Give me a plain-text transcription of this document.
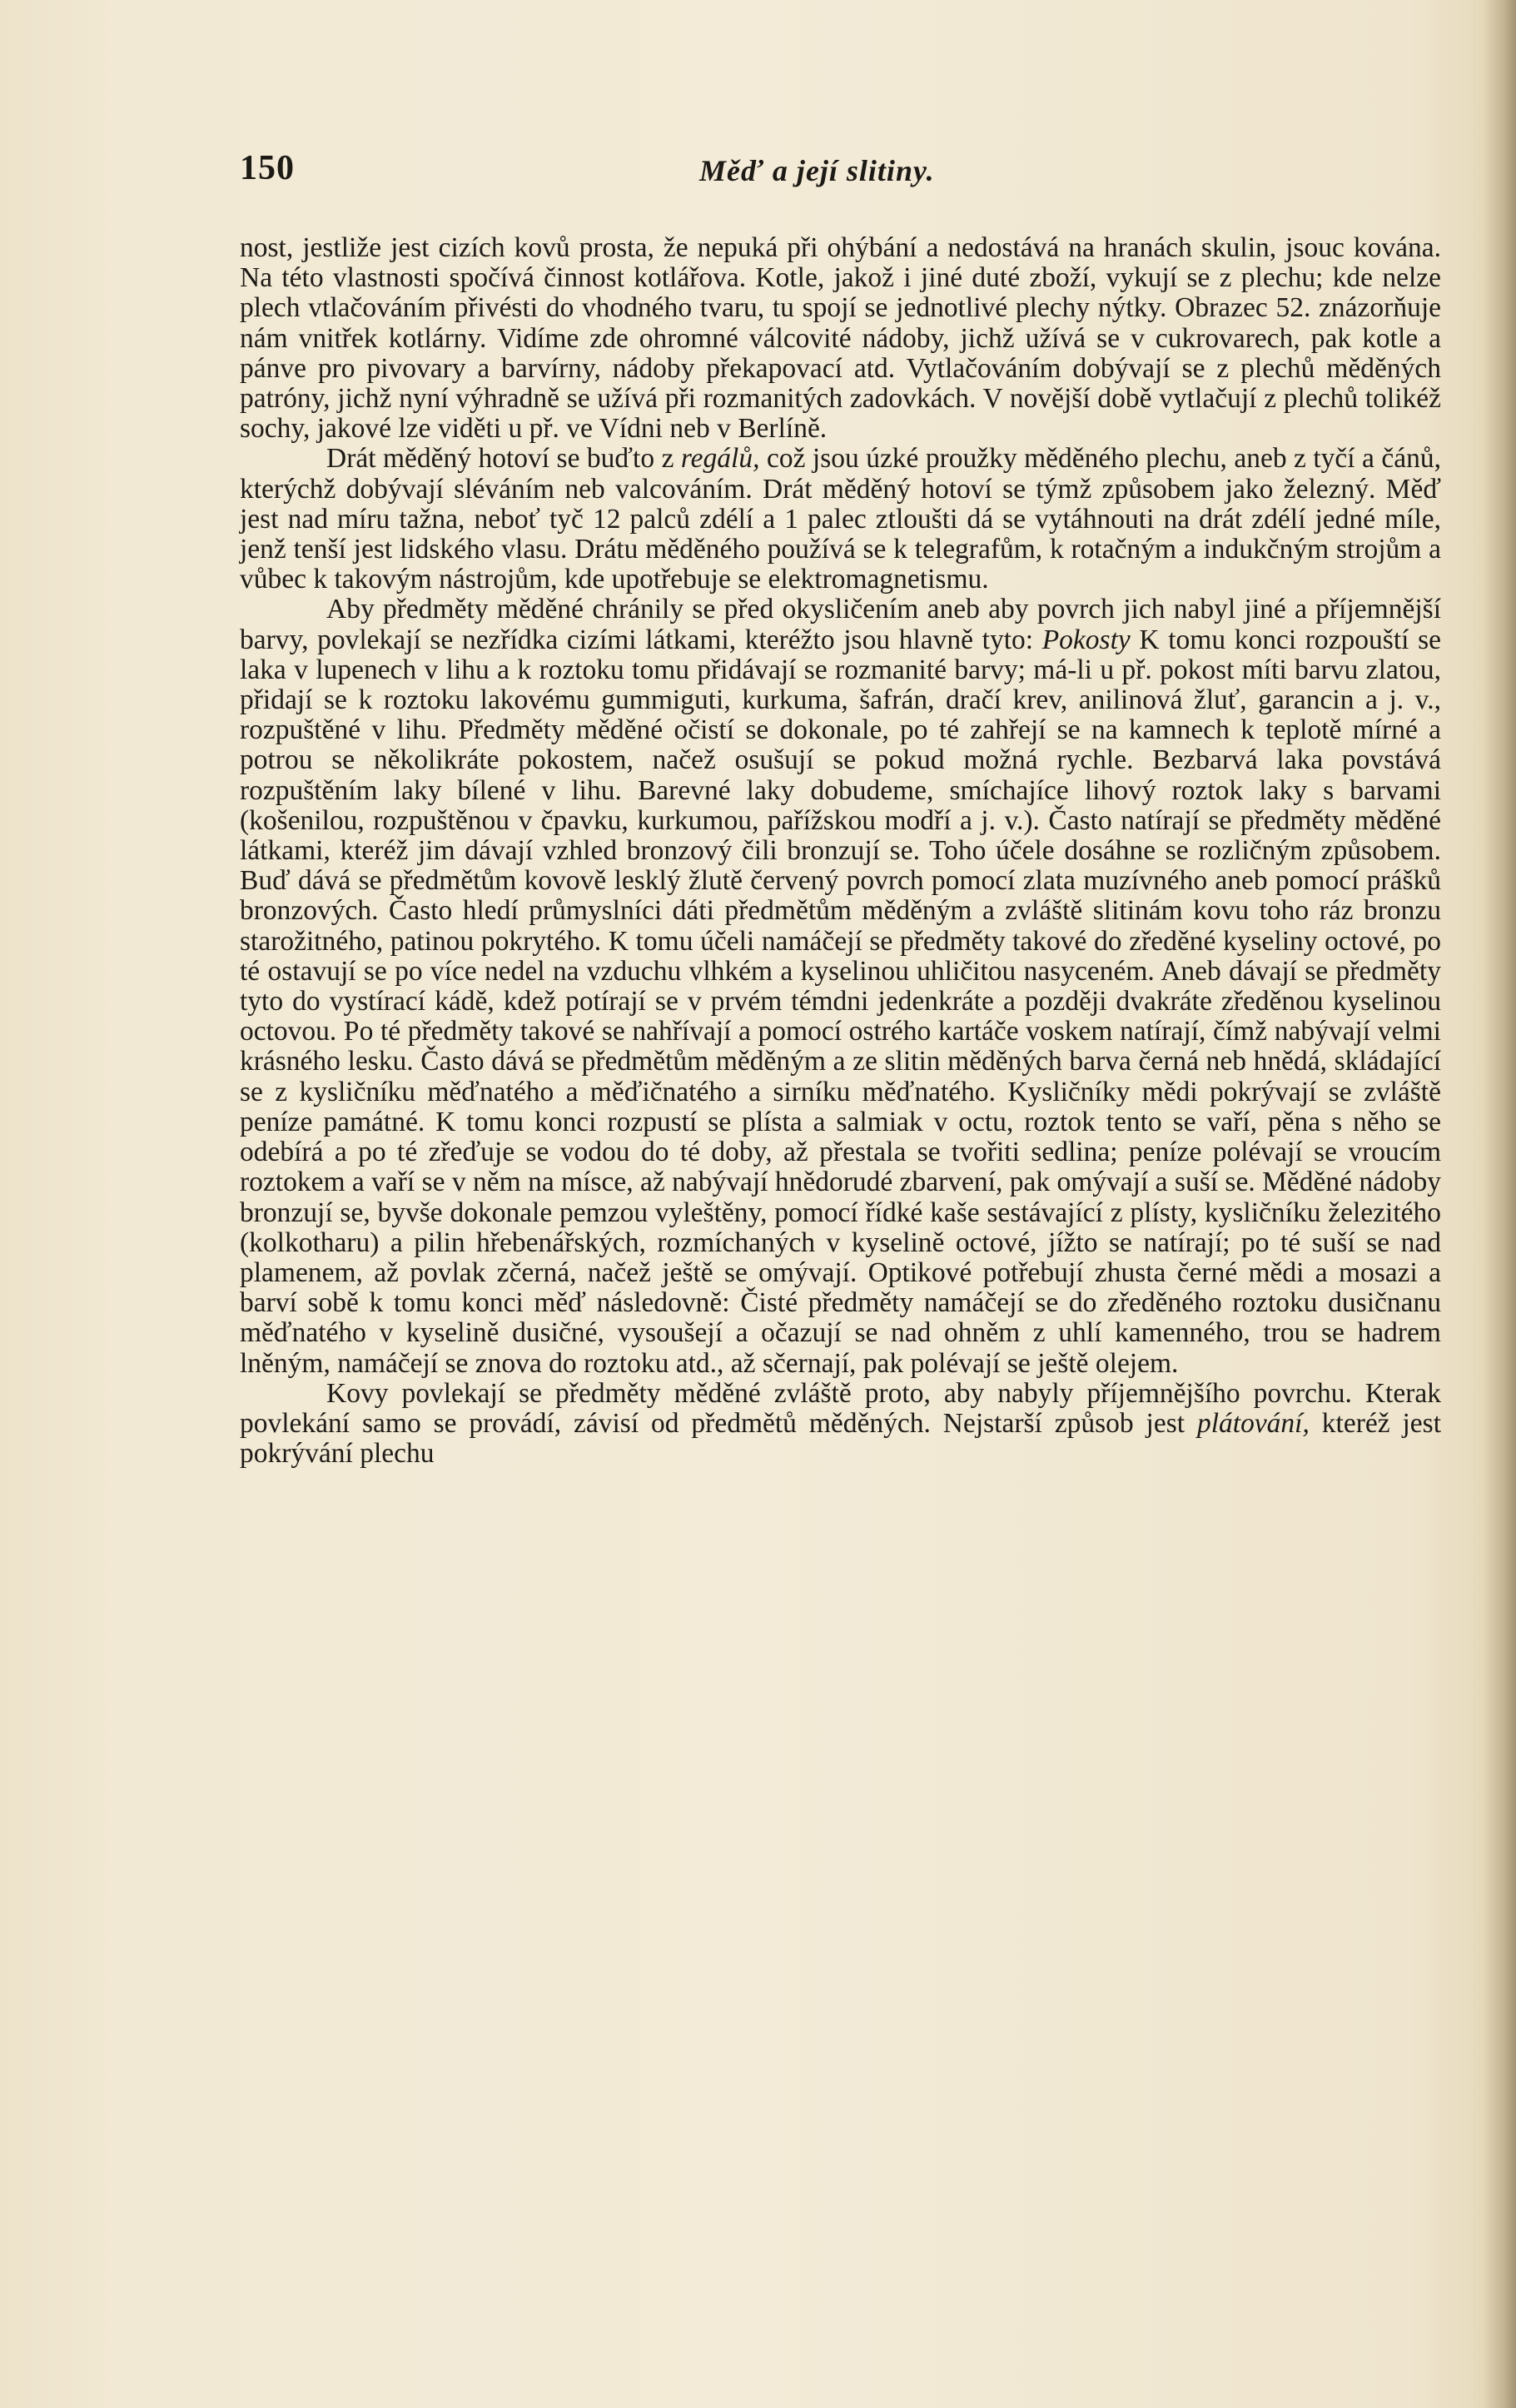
150	Měď a její slitiny.

nost, jestliže jest cizích kovů prosta, že nepuká při ohýbání a nedostává na hranách skulin, jsouc kována. Na této vlastnosti spočívá činnost kotlářova. Kotle, jakož i jiné duté zboží, vykují se z plechu; kde nelze plech vtlačováním přivésti do vhodného tvaru, tu spojí se jednotlivé plechy nýtky. Obrazec 52. znázorňuje nám vnitřek kotlárny. Vidíme zde ohromné válcovité nádoby, jichž užívá se v cukrovarech, pak kotle a pánve pro pivovary a barvírny, nádoby překapovací atd. Vytlačováním dobývají se z plechů měděných patróny, jichž nyní výhradně se užívá při rozmanitých zadovkách. V novější době vytlačují z plechů tolikéž sochy, jakové lze viděti u př. ve Vídni neb v Berlíně.

Drát měděný hotoví se buďto z regálů, což jsou úzké proužky měděného plechu, aneb z tyčí a čánů, kterýchž dobývají sléváním neb valcováním. Drát měděný hotoví se týmž způsobem jako železný. Měď jest nad míru tažna, neboť tyč 12 palců zdélí a 1 palec ztloušti dá se vytáhnouti na drát zdélí jedné míle, jenž tenší jest lidského vlasu. Drátu měděného používá se k telegrafům, k rotačným a indukčným strojům a vůbec k takovým nástrojům, kde upotřebuje se elektromagnetismu.

Aby předměty měděné chránily se před okysličením aneb aby povrch jich nabyl jiné a příjemnější barvy, povlekají se nezřídka cizími látkami, kteréžto jsou hlavně tyto: Pokosty K tomu konci rozpouští se laka v lupenech v lihu a k roztoku tomu přidávají se rozmanité barvy; má-li u př. pokost míti barvu zlatou, přidají se k roztoku lakovému gummiguti, kurkuma, šafrán, dračí krev, anilinová žluť, garancin a j. v., rozpuštěné v lihu. Předměty měděné očistí se dokonale, po té zahřejí se na kamnech k teplotě mírné a potrou se několikráte pokostem, načež osušují se pokud možná rychle. Bezbarvá laka povstává rozpuštěním laky bílené v lihu. Barevné laky dobudeme, smíchajíce lihový roztok laky s barvami (košenilou, rozpuštěnou v čpavku, kurkumou, pařížskou modří a j. v.). Často natírají se předměty měděné látkami, kteréž jim dávají vzhled bronzový čili bronzují se. Toho účele dosáhne se rozličným způsobem. Buď dává se předmětům kovově lesklý žlutě červený povrch pomocí zlata muzívného aneb pomocí prášků bronzových. Často hledí průmyslníci dáti předmětům měděným a zvláště slitinám kovu toho ráz bronzu starožitného, patinou pokrytého. K tomu účeli namáčejí se předměty takové do zředěné kyseliny octové, po té ostavují se po více nedel na vzduchu vlhkém a kyselinou uhličitou nasyceném. Aneb dávají se předměty tyto do vystírací kádě, kdež potírají se v prvém témdni jedenkráte a později dvakráte zředěnou kyselinou octovou. Po té předměty takové se nahřívají a pomocí ostrého kartáče voskem natírají, čímž nabývají velmi krásného lesku. Často dává se předmětům měděným a ze slitin měděných barva černá neb hnědá, skládající se z kysličníku měďnatého a měďičnatého a sirníku měďnatého. Kysličníky mědi pokrývají se zvláště peníze památné. K tomu konci rozpustí se plísta a salmiak v octu, roztok tento se vaří, pěna s něho se odebírá a po té zřeďuje se vodou do té doby, až přestala se tvořiti sedlina; peníze polévají se vroucím roztokem a vaří se v něm na mísce, až nabývají hnědorudé zbarvení, pak omývají a suší se. Měděné nádoby bronzují se, byvše dokonale pemzou vyleštěny, pomocí řídké kaše sestávající z plísty, kysličníku železitého (kolkotharu) a pilin hřebenářských, rozmíchaných v kyselině octové, jížto se natírají; po té suší se nad plamenem, až povlak zčerná, načež ještě se omývají. Optikové potřebují zhusta černé mědi a mosazi a barví sobě k tomu konci měď následovně: Čisté předměty namáčejí se do zředěného roztoku dusičnanu měďnatého v kyselině dusičné, vysoušejí a očazují se nad ohněm z uhlí kamenného, trou se hadrem lněným, namáčejí se znova do roztoku atd., až sčernají, pak polévají se ještě olejem.

Kovy povlekají se předměty měděné zvláště proto, aby nabyly příjemnějšího povrchu. Kterak povlekání samo se provádí, závisí od předmětů měděných. Nejstarší způsob jest plátování, kteréž jest pokrývání plechu
